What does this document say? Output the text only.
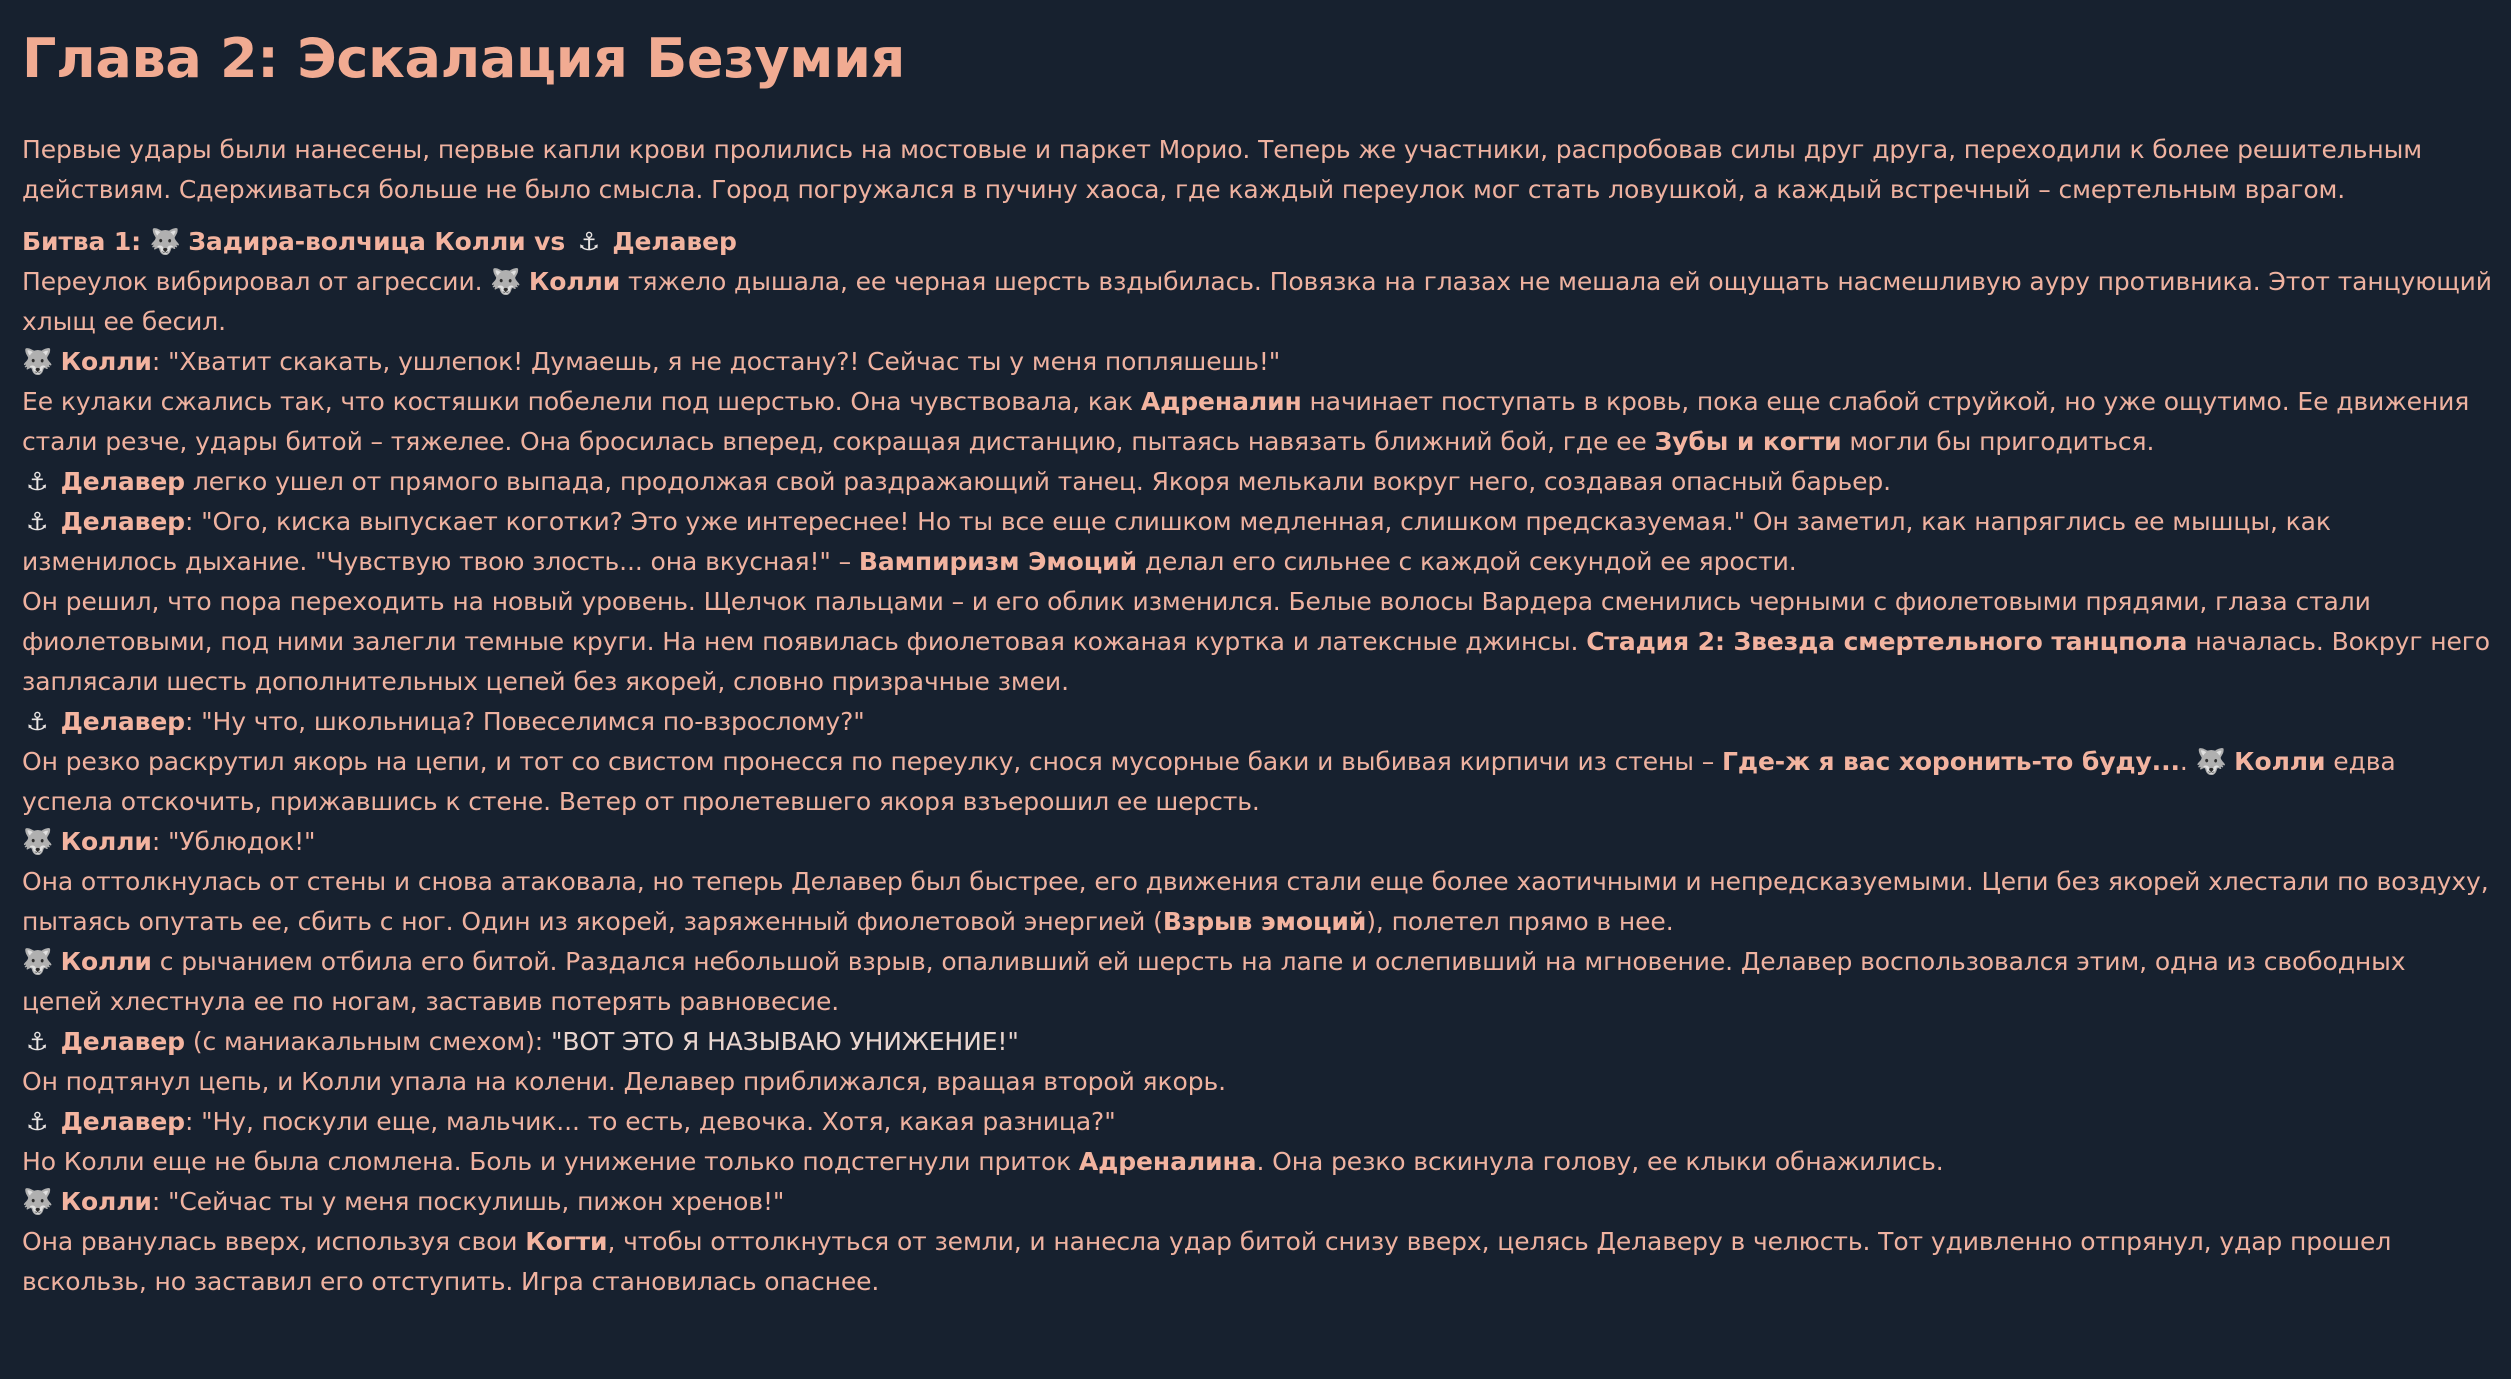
Глава 2: Эскалация Безумия

Первые удары были нанесены, первые капли крови пролились на мостовые и паркет Морио. Теперь же участники, распробовав силы друг друга, переходили к более решительным действиям. Сдерживаться больше не было смысла. Город погружался в пучину хаоса, где каждый переулок мог стать ловушкой, а каждый встречный – смертельным врагом.

Битва 1: 🐺 Задира-волчица Колли vs ⚓ Делавер

Переулок вибрировал от агрессии. 🐺 Колли тяжело дышала, ее черная шерсть вздыбилась. Повязка на глазах не мешала ей ощущать насмешливую ауру противника. Этот танцующий хлыщ ее бесил.

🐺 Колли: "Хватит скакать, ушлепок! Думаешь, я не достану?! Сейчас ты у меня попляшешь!"

Ее кулаки сжались так, что костяшки побелели под шерстью. Она чувствовала, как Адреналин начинает поступать в кровь, пока еще слабой струйкой, но уже ощутимо. Ее движения стали резче, удары битой – тяжелее. Она бросилась вперед, сокращая дистанцию, пытаясь навязать ближний бой, где ее Зубы и когти могли бы пригодиться.

⚓ Делавер легко ушел от прямого выпада, продолжая свой раздражающий танец. Якоря мелькали вокруг него, создавая опасный барьер.

⚓ Делавер: "Ого, киска выпускает коготки? Это уже интереснее! Но ты все еще слишком медленная, слишком предсказуемая." Он заметил, как напряглись ее мышцы, как изменилось дыхание. "Чувствую твою злость... она вкусная!" – Вампиризм Эмоций делал его сильнее с каждой секундой ее ярости.

Он решил, что пора переходить на новый уровень. Щелчок пальцами – и его облик изменился. Белые волосы Вардера сменились черными с фиолетовыми прядями, глаза стали фиолетовыми, под ними залегли темные круги. На нем появилась фиолетовая кожаная куртка и латексные джинсы. Стадия 2: Звезда смертельного танцпола началась. Вокруг него заплясали шесть дополнительных цепей без якорей, словно призрачные змеи.

⚓ Делавер: "Ну что, школьница? Повеселимся по-взрослому?"

Он резко раскрутил якорь на цепи, и тот со свистом пронесся по переулку, снося мусорные баки и выбивая кирпичи из стены – Где-ж я вас хоронить-то буду.... 🐺 Колли едва успела отскочить, прижавшись к стене. Ветер от пролетевшего якоря взъерошил ее шерсть.

🐺 Колли: "Ублюдок!"

Она оттолкнулась от стены и снова атаковала, но теперь Делавер был быстрее, его движения стали еще более хаотичными и непредсказуемыми. Цепи без якорей хлестали по воздуху, пытаясь опутать ее, сбить с ног. Один из якорей, заряженный фиолетовой энергией (Взрыв эмоций), полетел прямо в нее.

🐺 Колли с рычанием отбила его битой. Раздался небольшой взрыв, опаливший ей шерсть на лапе и ослепивший на мгновение. Делавер воспользовался этим, одна из свободных цепей хлестнула ее по ногам, заставив потерять равновесие.

⚓ Делавер (с маниакальным смехом): "ВОТ ЭТО Я НАЗЫВАЮ УНИЖЕНИЕ!"

Он подтянул цепь, и Колли упала на колени. Делавер приближался, вращая второй якорь.

⚓ Делавер: "Ну, поскули еще, мальчик... то есть, девочка. Хотя, какая разница?"

Но Колли еще не была сломлена. Боль и унижение только подстегнули приток Адреналина. Она резко вскинула голову, ее клыки обнажились.

🐺 Колли: "Сейчас ты у меня поскулишь, пижон хренов!"

Она рванулась вверх, используя свои Когти, чтобы оттолкнуться от земли, и нанесла удар битой снизу вверх, целясь Делаверу в челюсть. Тот удивленно отпрянул, удар прошел вскользь, но заставил его отступить. Игра становилась опаснее.
